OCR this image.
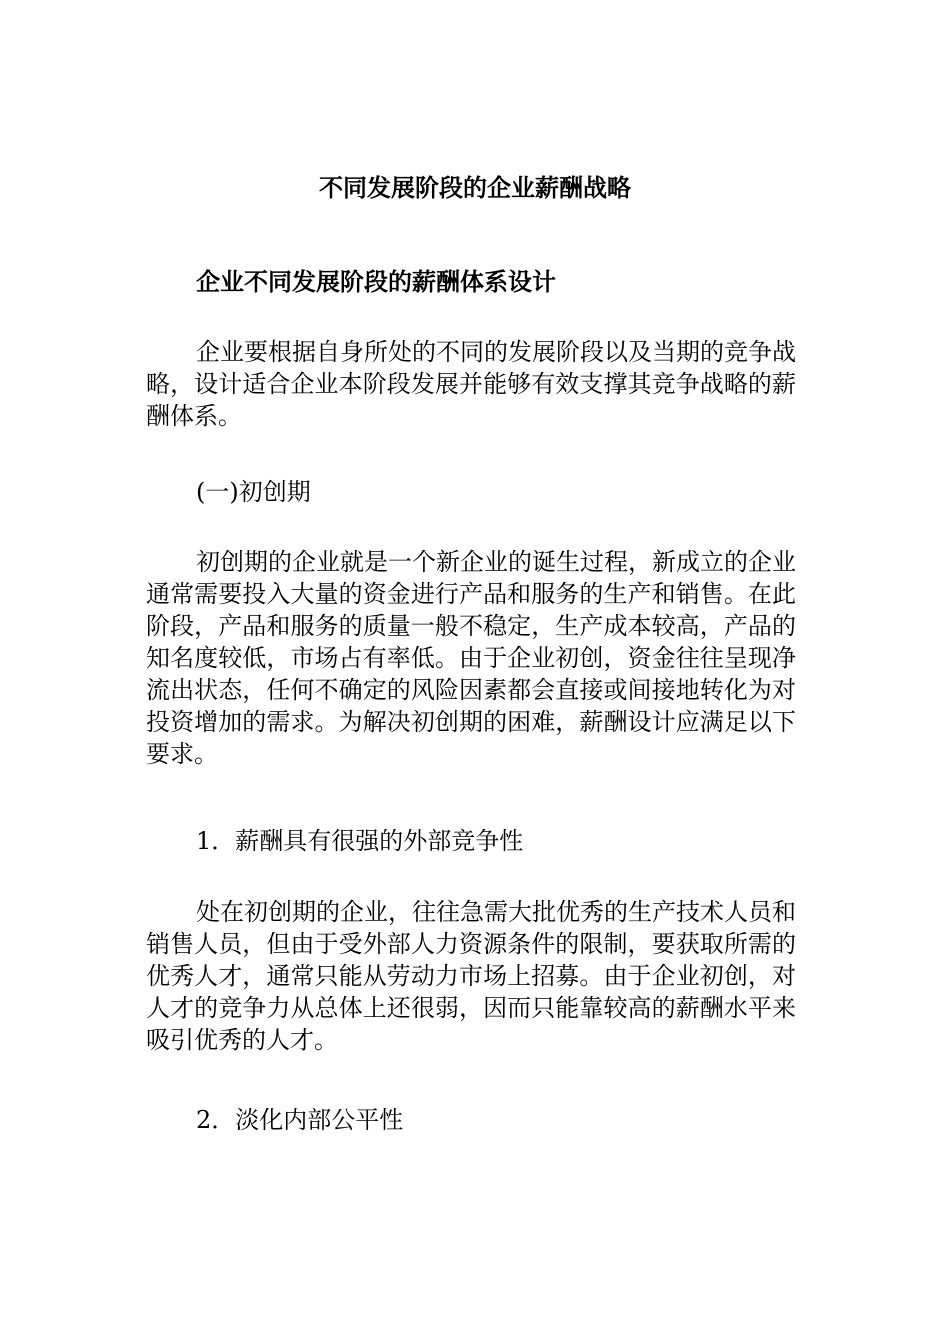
不同发展阶段的企业薪酬战略
企业不同发展阶段的薪酬体系设计

企业要根据自身所处的不同的发展阶段以及当期的竞争战略，设计适合企业本阶段发展并能够有效支撑其竞争战略的薪酬体系。

(一)初创期

初创期的企业就是一个新企业的诞生过程，新成立的企业通常需要投入大量的资金进行产品和服务的生产和销售。在此阶段，产品和服务的质量一般不稳定，生产成本较高，产品的知名度较低，市场占有率低。由于企业初创，资金往往呈现净流出状态，任何不确定的风险因素都会直接或间接地转化为对投资增加的需求。为解决初创期的困难，薪酬设计应满足以下要求。

1．薪酬具有很强的外部竞争性

处在初创期的企业，往往急需大批优秀的生产技术人员和销售人员，但由于受外部人力资源条件的限制，要获取所需的优秀人才，通常只能从劳动力市场上招募。由于企业初创，对人才的竞争力从总体上还很弱，因而只能靠较高的薪酬水平来吸引优秀的人才。

2．淡化内部公平性
